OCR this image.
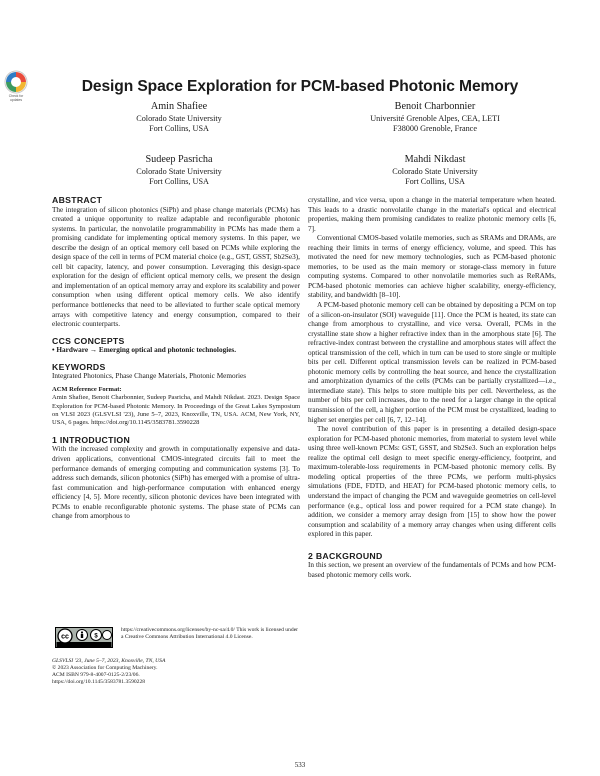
Check for updates
Design Space Exploration for PCM-based Photonic Memory
Amin Shafiee
Colorado State University
Fort Collins, USA
Benoit Charbonnier
Université Grenoble Alpes, CEA, LETI
F38000 Grenoble, France
Sudeep Pasricha
Colorado State University
Fort Collins, USA
Mahdi Nikdast
Colorado State University
Fort Collins, USA

ABSTRACT

The integration of silicon photonics (SiPh) and phase change materials (PCMs) has created a unique opportunity to realize adaptable and reconfigurable photonic systems. In particular, the nonvolatile programmability in PCMs has made them a promising candidate for implementing optical memory systems. In this paper, we describe the design of an optical memory cell based on PCMs while exploring the design space of the cell in terms of PCM material choice (e.g., GST, GSST, Sb2Se3), cell bit capacity, latency, and power consumption. Leveraging this design-space exploration for the design of efficient optical memory cells, we present the design and implementation of an optical memory array and explore its scalability and power consumption when using different optical memory cells. We also identify performance bottlenecks that need to be alleviated to further scale optical memory arrays with competitive latency and energy consumption, compared to their electronic counterparts.

CCS CONCEPTS

• Hardware → Emerging optical and photonic technologies.

KEYWORDS

Integrated Photonics, Phase Change Materials, Photonic Memories

ACM Reference Format:

Amin Shafiee, Benoit Charbonnier, Sudeep Pasricha, and Mahdi Nikdast. 2023. Design Space Exploration for PCM-based Photonic Memory. In Proceedings of the Great Lakes Symposium on VLSI 2023 (GLSVLSI '23), June 5–7, 2023, Knoxville, TN, USA. ACM, New York, NY, USA, 6 pages. https://doi.org/10.1145/3583781.3590228

1 INTRODUCTION

With the increased complexity and growth in computationally expensive and data-driven applications, conventional CMOS-integrated circuits fail to meet the performance demands of emerging computing and communication systems [3]. To address such demands, silicon photonics (SiPh) has emerged with a promise of ultra-fast communication and high-performance computation with enhanced energy efficiency [4, 5]. More recently, silicon photonic devices have been integrated with PCMs to enable reconfigurable photonic systems. The phase state of PCMs can change from amorphous to

cc	$
https://creativecommons.org/licenses/by-nc-sa/4.0/ This work is licensed under a Creative Commons Attribution International 4.0 License.
GLSVLSI '23, June 5–7, 2023, Knoxville, TN, USA
© 2023 Association for Computing Machinery.
ACM ISBN 979-8-4007-0125-2/23/06.
https://doi.org/10.1145/3583781.3590228

crystalline, and vice versa, upon a change in the material temperature when heated. This leads to a drastic nonvolatile change in the material's optical and electrical properties, making them promising candidates to realize photonic memory cells [6, 7].

Conventional CMOS-based volatile memories, such as SRAMs and DRAMs, are reaching their limits in terms of energy efficiency, volume, and speed. This has motivated the need for new memory technologies, such as PCM-based photonic memories, to be used as the main memory or storage-class memory in future computing systems. Compared to other nonvolatile memories such as ReRAMs, PCM-based photonic memories can achieve higher scalability, energy-efficiency, stability, and bandwidth [8–10].

A PCM-based photonic memory cell can be obtained by depositing a PCM on top of a silicon-on-insulator (SOI) waveguide [11]. Once the PCM is heated, its state can change from amorphous to crystalline, and vice versa. Overall, PCMs in the crystalline state show a higher refractive index than in the amorphous state [6]. The refractive-index contrast between the crystalline and amorphous states will affect the optical transmission of the cell, which in turn can be used to store single or multiple bits per cell. Different optical transmission levels can be realized in PCM-based photonic memory cells by controlling the heat source, and hence the crystallization and amorphization dynamics of the cells (PCMs can be partially crystallized—i.e., intermediate state). This helps to store multiple bits per cell. Nevertheless, as the number of bits per cell increases, due to the need for a larger change in the optical transmission of the cell, a higher portion of the PCM must be crystallized, leading to higher set energies per cell [6, 7, 12–14].

The novel contribution of this paper is in presenting a detailed design-space exploration for PCM-based photonic memories, from material to system level while using three well-known PCMs: GST, GSST, and Sb2Se3. Such an exploration helps realize the optimal cell design to meet specific energy-efficiency, footprint, and maximum-tolerable-loss requirements in PCM-based photonic memory cells. By modeling optical properties of the three PCMs, we perform multi-physics simulations (FDE, FDTD, and HEAT) for PCM-based photonic memory cells, to understand the impact of changing the PCM and waveguide geometries on cell-level performance (e.g., optical loss and power required for a PCM state change). In addition, we consider a memory array design from [15] to show how the power consumption and scalability of a memory array changes when using different cells explored in this paper.

2 BACKGROUND

In this section, we present an overview of the fundamentals of PCMs and how PCM-based photonic memory cells work.

533
